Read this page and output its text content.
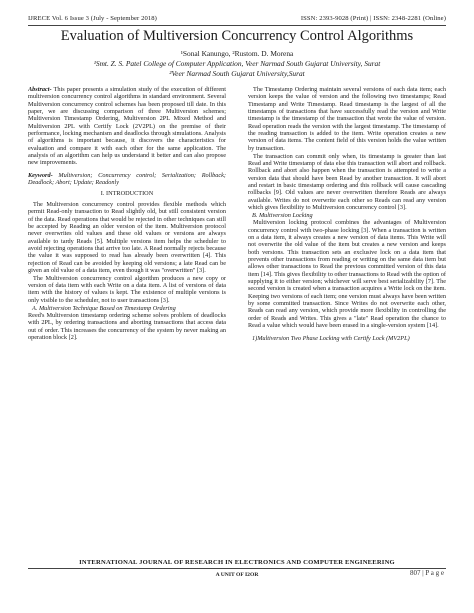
IJRECE Vol. 6 Issue 3 (July - September 2018)	ISSN: 2393-9028 (Print) | ISSN: 2348-2281 (Online)
Evaluation of Multiversion Concurrency Control Algorithms
¹Sonal Kanungo, ²Rustom. D. Morena
¹Smt. Z. S. Patel College of Computer Application, Veer Narmad South Gujarat University, Surat
²Veer Narmad South Gujarat University,Surat

Abstract- This paper presents a simulation study of the execution of different multiversion concurrency control algorithms in standard environment. Several Multiversion concurrency control schemes has been proposed till date. In this paper, we are discussing comparison of three Multiversion schemes; Multiversion Timestamp Ordering, Multiversion 2PL Mixed Method and Multiversion 2PL with Certify Lock (2V2PL) on the premise of their performance, locking mechanism and deadlocks through simulations. Analysis of algorithms is important because, it discovers the characteristics for evaluation and compare it with each other for the same application. The analysis of an algorithm can help us understand it better and can also propose new improvements.

Keyword- Multiversion; Concurrency control; Serialization; Rollback; Deadlock; Abort; Update; Readonly

I. INTRODUCTION

The Multiversion concurrency control provides flexible methods which permit Read-only transaction to Read slightly old, but still consistent version of the data. Read operations that would be rejected in other techniques can still be accepted by Reading an older version of the item. Multiversion protocol never overwrites old values and these old values or versions are always available to tardy Reads [5]. Multiple versions item helps the scheduler to avoid rejecting operations that arrive too late. A Read normally rejects because the value it was supposed to read has already been overwritten [4]. This rejection of Read can be avoided by keeping old versions; a late Read can be given an old value of a data item, even though it was "overwritten" [3].

The Multiversion concurrency control algorithm produces a new copy or version of data item with each Write on a data item. A list of versions of data item with the history of values is kept. The existence of multiple versions is only visible to the scheduler, not to user transactions [3].

A. Multiversion Technique Based on Timestamp Ordering

Reed's Multiversion timestamp ordering scheme solves problem of deadlocks with 2PL, by ordering transactions and aborting transactions that access data out of order. This increases the concurrency of the system by never making an operation block [2].

The Timestamp Ordering maintain several versions of each data item; each version keeps the value of version and the following two timestamps; Read Timestamp and Write Timestamp. Read timestamp is the largest of all the timestamps of transactions that have successfully read the version and Write timestamp is the timestamp of the transaction that wrote the value of version. Read operation reads the version with the largest timestamp. The timestamp of the reading transaction is added to the item. Write operation creates a new version of data items. The content field of this version holds the value written by transaction.

The transaction can commit only when, its timestamp is greater than last Read and Write timestamp of data else this transaction will abort and rollback. Rollback and abort also happen when the transaction is attempted to write a version data that should have been Read by another transaction. It will abort and restart in basic timestamp ordering and this rollback will cause cascading rollbacks [9]. Old values are never overwritten therefore Reads are always available. Writes do not overwrite each other so Reads can read any version which gives flexibility to Multiversion concurrency control [3].

B. Multiversion Locking

Multiversion locking protocol combines the advantages of Multiversion concurrency control with two-phase locking [3]. When a transaction is written on a data item, it always creates a new version of data items. This Write will not overwrite the old value of the item but creates a new version and keeps both versions. This transaction sets an exclusive lock on a data item that prevents other transactions from reading or writing on the same data item but allows other transactions to Read the previous committed version of this data item [14]. This gives flexibility to other transactions to Read with the option of supplying it to either version; whichever will serve best serializability [7]. The second version is created when a transaction acquires a Write lock on the item. Keeping two versions of each item; one version must always have been written by some committed transaction. Since Writes do not overwrite each other, Reads can read any version, which provide more flexibility in controlling the order of Reads and Writes. This gives a "late" Read operation the chance to Read a value which would have been erased in a single-version system [14].

1)Multiversion Two Phase Locking with Certify Lock (MV2PL)
INTERNATIONAL JOURNAL OF RESEARCH IN ELECTRONICS AND COMPUTER ENGINEERING
A UNIT OF I2OR	807 | P a g e
